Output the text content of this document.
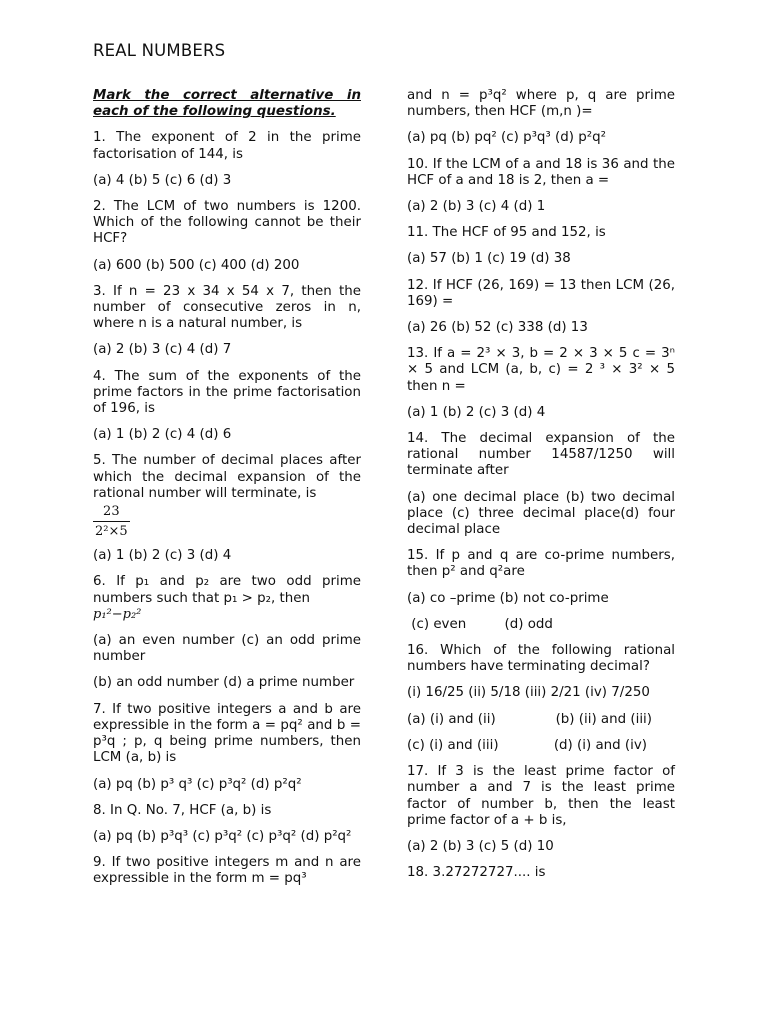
REAL NUMBERS

Mark the correct alternative in each of the following questions.

1. The exponent of 2 in the prime factorisation of 144, is

(a) 4 (b) 5 (c) 6 (d) 3

2. The LCM of two numbers is 1200. Which of the following cannot be their HCF?

(a) 600 (b) 500 (c) 400 (d) 200

3. If n = 23 x 34 x 54 x 7, then the number of consecutive zeros in n, where n is a natural number, is

(a) 2 (b) 3 (c) 4 (d) 7

4. The sum of the exponents of the prime factors in the prime factorisation of 196, is

(a) 1 (b) 2 (c) 4 (d) 6

5. The number of decimal places after which the decimal expansion of the rational number will terminate, is
$\frac{23}{\text{2²×5}}$

(a) 1 (b) 2 (c) 3 (d) 4

6. If p₁ and p₂ are two odd prime numbers such that p₁ > p₂, then
p₁²−p₂²

(a) an even number (c) an odd prime number

(b) an odd number (d) a prime number

7. If two positive integers a and b are expressible in the form a = pq² and b = p³q ; p, q being prime numbers, then LCM (a, b) is

(a) pq (b) p³ q³ (c) p³q² (d) p²q²

8. In Q. No. 7, HCF (a, b) is

(a) pq (b) p³q³ (c) p³q² (c) p³q² (d) p²q²

9. If two positive integers m and n are expressible in the form m = pq³

and n = p³q² where p, q are prime numbers, then HCF (m,n )=

(a) pq (b) pq² (c) p³q³ (d) p²q²

10. If the LCM of a and 18 is 36 and the HCF of a and 18 is 2, then a =

(a) 2 (b) 3 (c) 4 (d) 1

11. The HCF of 95 and 152, is

(a) 57 (b) 1 (c) 19 (d) 38

12. If HCF (26, 169) = 13 then LCM (26, 169) =

(a) 26 (b) 52 (c) 338 (d) 13

13. If a = 2³ × 3, b = 2 × 3 × 5 c = 3ⁿ × 5 and LCM (a, b, c) = 2 ³ × 3² × 5 then n =

(a) 1 (b) 2 (c) 3 (d) 4

14. The decimal expansion of the rational number 14587/1250 will terminate after

(a) one decimal place (b) two decimal place (c) three decimal place(d) four decimal place

15. If p and q are co-prime numbers, then p² and q²are

(a) co –prime (b) not co-prime

(c) even         (d) odd

16. Which of the following rational numbers have terminating decimal?

(i) 16/25 (ii) 5/18 (iii) 2/21 (iv) 7/250

(a) (i) and (ii)	(b) (ii) and (iii)
(c) (i) and (iii)	(d) (i) and (iv)

17. If 3 is the least prime factor of number a and 7 is the least prime factor of number b, then the least prime factor of a + b is,

(a) 2 (b) 3 (c) 5 (d) 10

18. 3.27272727.... is
